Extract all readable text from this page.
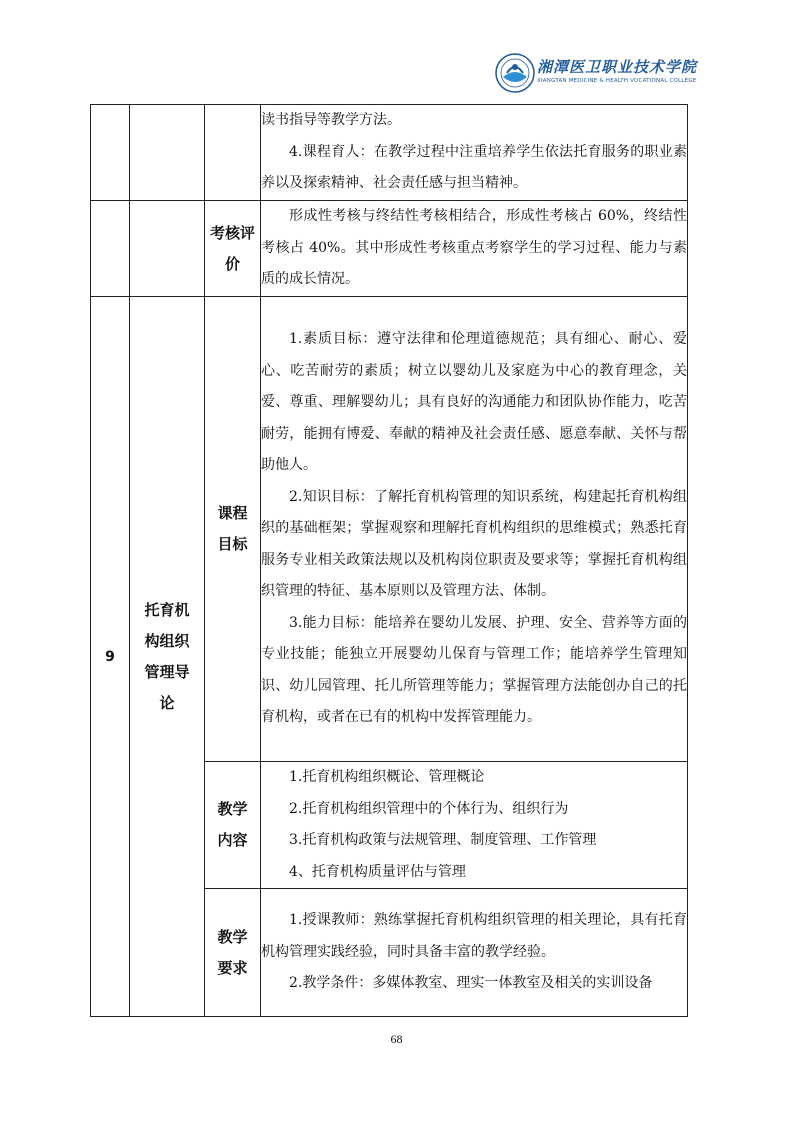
湘潭医卫职业技术学院
XIANGTAN MEDICINE & HEALTH VOCATIONAL COLLEGE

			读书指导等教学方法。

4.课程育人：在教学过程中注重培养学生依法托育服务的职业素养以及探索精神、社会责任感与担当精神。

		考核评价	形成性考核与终结性考核相结合，形成性考核占 60%，终结性考核占 40%。其中形成性考核重点考察学生的学习过程、能力与素质的成长情况。

9	托育机构组织管理导论	课程目标	1.素质目标：遵守法律和伦理道德规范；具有细心、耐心、爱心、吃苦耐劳的素质；树立以婴幼儿及家庭为中心的教育理念，关爱、尊重、理解婴幼儿；具有良好的沟通能力和团队协作能力，吃苦耐劳，能拥有博爱、奉献的精神及社会责任感、愿意奉献、关怀与帮助他人。

2.知识目标：了解托育机构管理的知识系统，构建起托育机构组织的基础框架；掌握观察和理解托育机构组织的思维模式；熟悉托育服务专业相关政策法规以及机构岗位职责及要求等；掌握托育机构组织管理的特征、基本原则以及管理方法、体制。

3.能力目标：能培养在婴幼儿发展、护理、安全、营养等方面的专业技能；能独立开展婴幼儿保育与管理工作；能培养学生管理知识、幼儿园管理、托儿所管理等能力；掌握管理方法能创办自己的托育机构，或者在已有的机构中发挥管理能力。

		教学内容	1.托育机构组织概论、管理概论

2.托育机构组织管理中的个体行为、组织行为

3.托育机构政策与法规管理、制度管理、工作管理

4、托育机构质量评估与管理

		教学要求	1.授课教师：熟练掌握托育机构组织管理的相关理论，具有托育机构管理实践经验，同时具备丰富的教学经验。

2.教学条件：多媒体教室、理实一体教室及相关的实训设备

68
